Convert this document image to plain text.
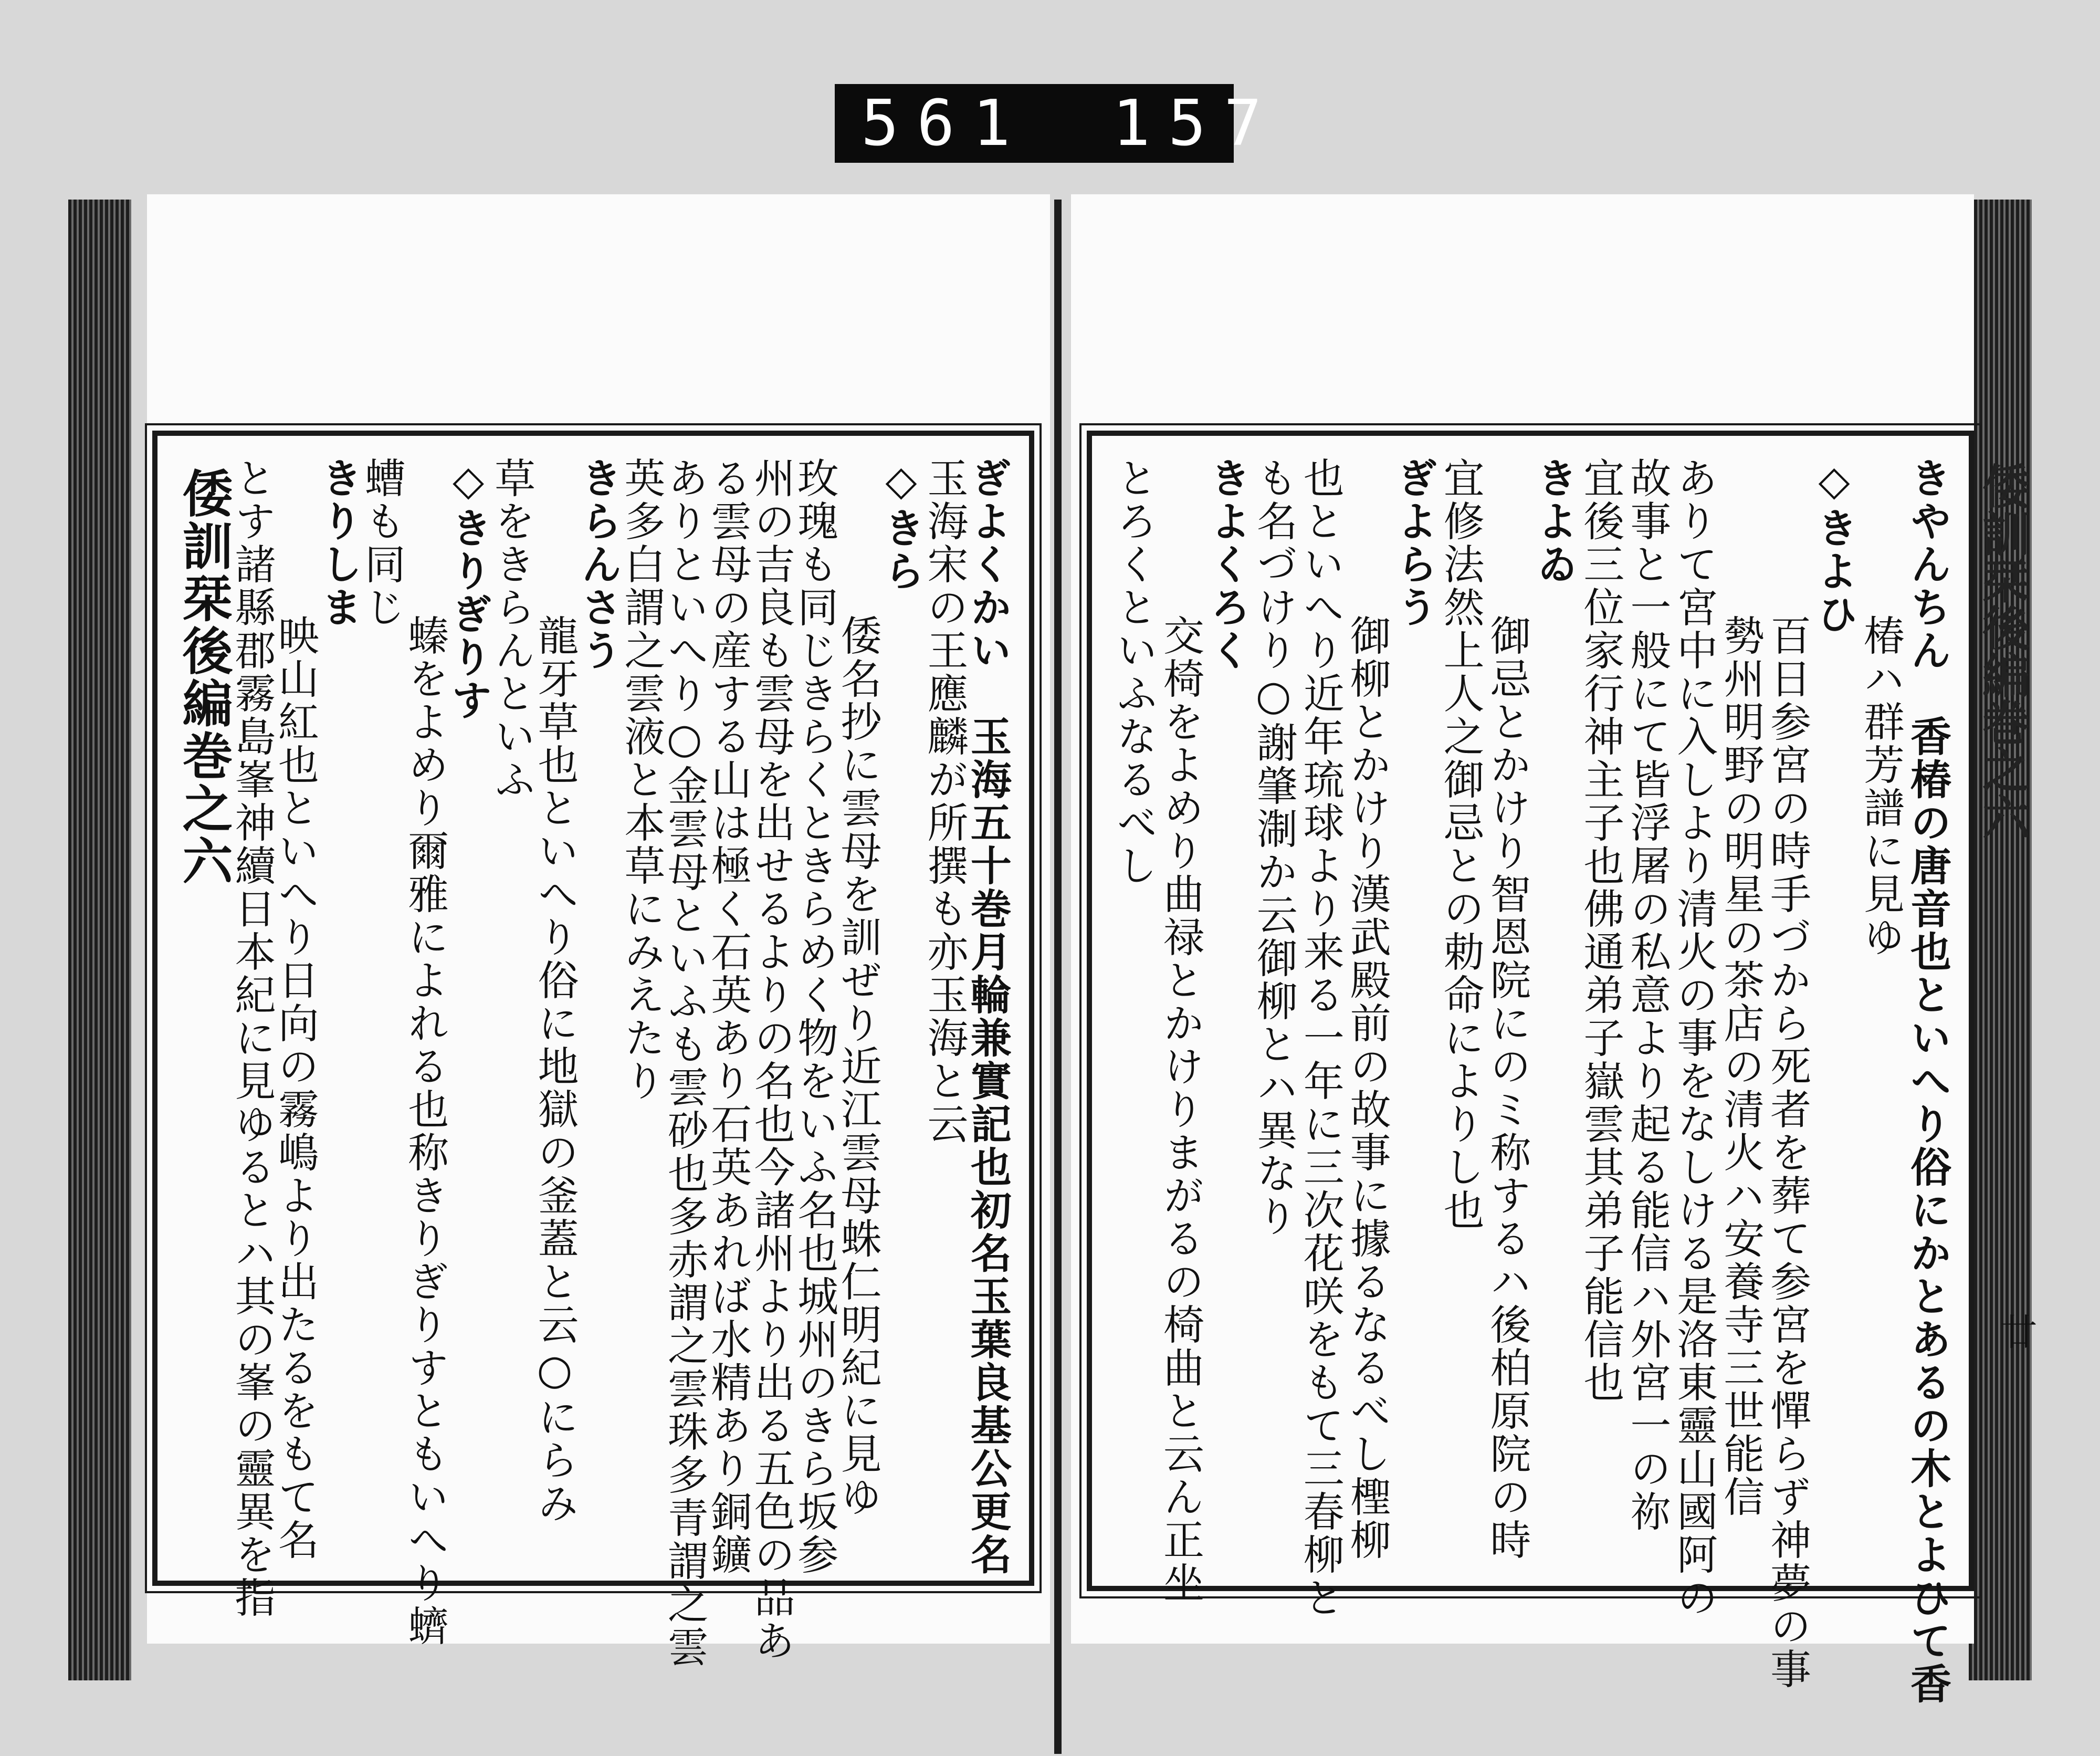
561 157
倭訓栞後編巻之六
廿
ぎよくかい　玉海五十巻月輪兼實記也初名玉葉良基公更名
玉海宋の王應麟が所撰も亦玉海と云
◇きら
倭名抄に雲母を訓ぜり近江雲母蛛仁明紀に見ゆ
玫瑰も同じきらくときらめく物をいふ名也城州のきら坂参
州の吉良も雲母を出せるよりの名也今諸州より出る五色の品あ
る雲母の産する山は極く石英あり石英あれば水精あり銅鑛
ありといへり○金雲母といふも雲砂也多赤謂之雲珠多青謂之雲
英多白謂之雲液と本草にみえたり
きらんさう
龍牙草也といへり俗に地獄の釜蓋と云○にらみ
草をきらんといふ
◇きりぎりす
螓をよめり爾雅によれる也称きりぎりすともいへり蠐
螬も同じ
きりしま
映山紅也といへり日向の霧嶋より出たるをもて名
とす諸縣郡霧島峯神續日本紀に見ゆるとハ其の峯の靈異を指
倭訓栞後編巻之六	きやんちん　香椿の唐音也といへり俗にかとあるの木とよひて香
椿ハ群芳譜に見ゆ
◇きよひ
百日参宮の時手づから死者を葬て参宮を憚らず神夢の事
勢州明野の明星の茶店の清火ハ安養寺三世能信
ありて宮中に入しより清火の事をなしける是洛東靈山國阿の
故事と一般にて皆浮屠の私意より起る能信ハ外宮一の祢
宜後三位家行神主子也佛通弟子嶽雲其弟子能信也
きよゐ
御忌とかけり智恩院にのミ称するハ後柏原院の時
宜修法然上人之御忌との勅命によりし也
ぎよらう
御柳とかけり漢武殿前の故事に據るなるべし檉柳
也といへり近年琉球より来る一年に三次花咲をもて三春柳と
も名づけり○謝肇淛か云御柳とハ異なり
きよくろく
交椅をよめり曲禄とかけりまがるの椅曲と云ん正坐
とろくといふなるべし
